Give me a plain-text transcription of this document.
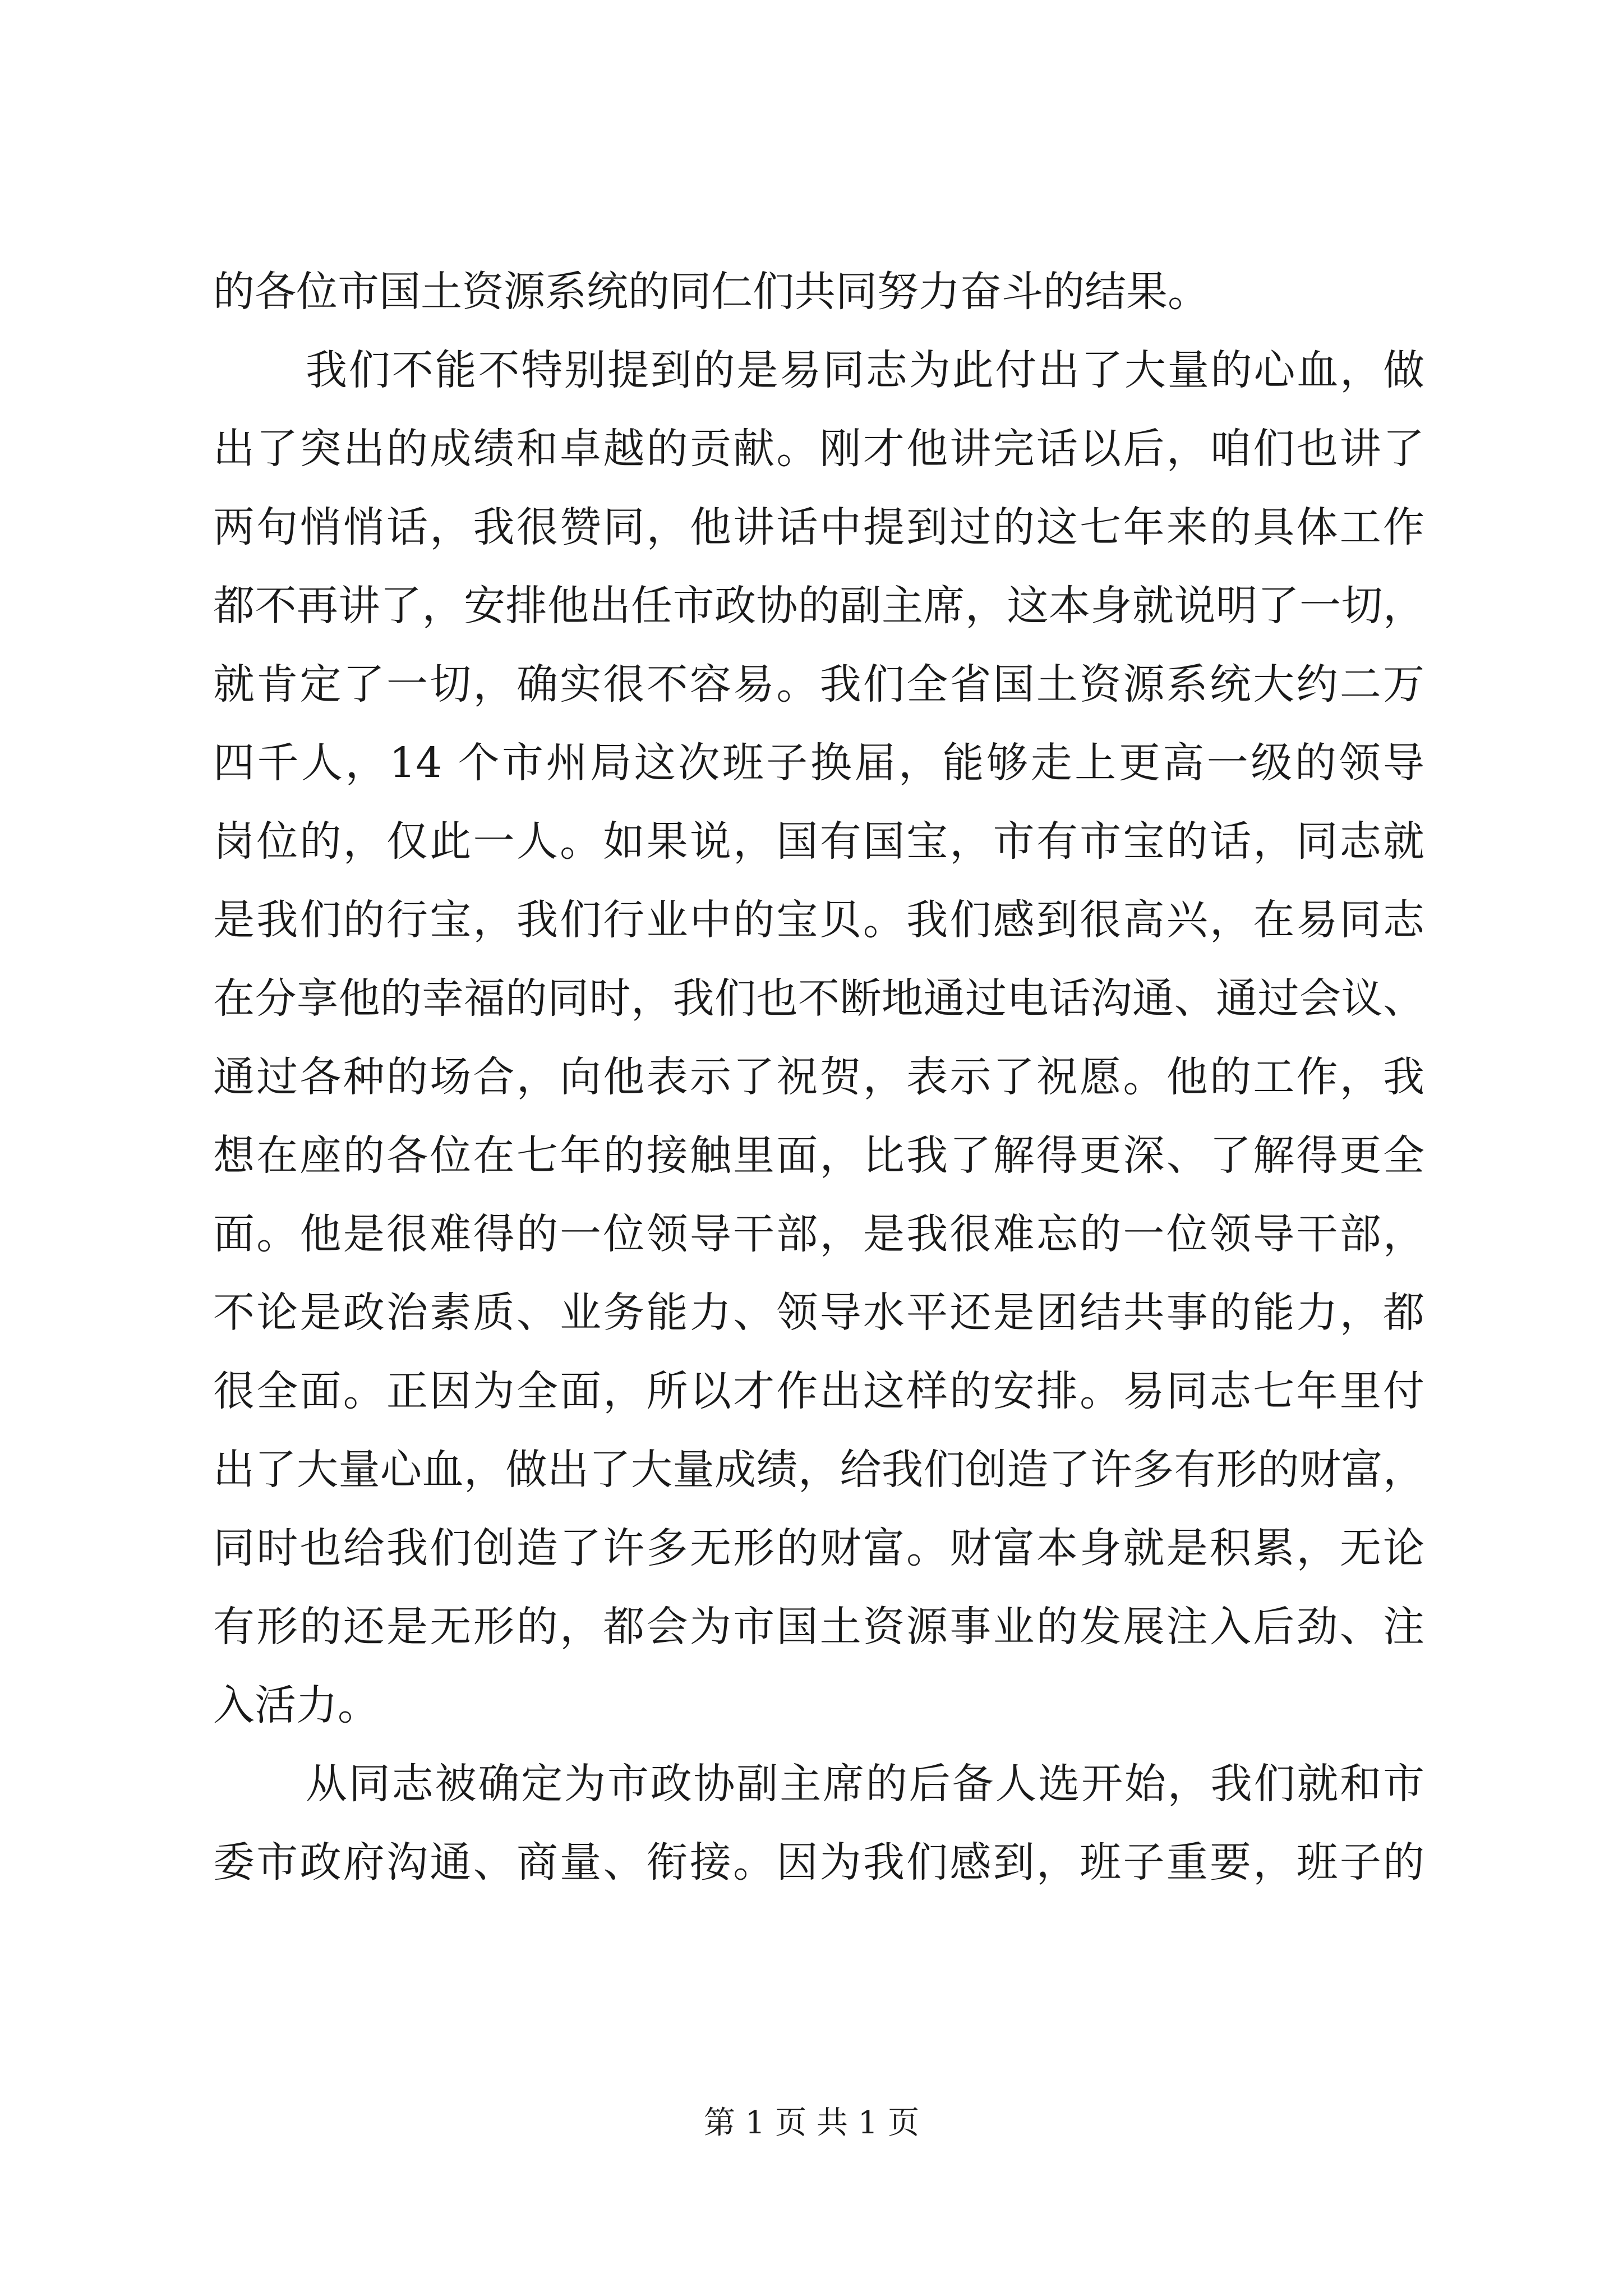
的各位市国土资源系统的同仁们共同努力奋斗的结果。
我们不能不特别提到的是易同志为此付出了大量的心血，做
出了突出的成绩和卓越的贡献。刚才他讲完话以后，咱们也讲了
两句悄悄话，我很赞同，他讲话中提到过的这七年来的具体工作
都不再讲了，安排他出任市政协的副主席，这本身就说明了一切，
就肯定了一切，确实很不容易。我们全省国土资源系统大约二万
四千人，14 个市州局这次班子换届，能够走上更高一级的领导
岗位的，仅此一人。如果说，国有国宝，市有市宝的话，同志就
是我们的行宝，我们行业中的宝贝。我们感到很高兴，在易同志
在分享他的幸福的同时，我们也不断地通过电话沟通、通过会议、
通过各种的场合，向他表示了祝贺，表示了祝愿。他的工作，我
想在座的各位在七年的接触里面，比我了解得更深、了解得更全
面。他是很难得的一位领导干部，是我很难忘的一位领导干部，
不论是政治素质、业务能力、领导水平还是团结共事的能力，都
很全面。正因为全面，所以才作出这样的安排。易同志七年里付
出了大量心血，做出了大量成绩，给我们创造了许多有形的财富，
同时也给我们创造了许多无形的财富。财富本身就是积累，无论
有形的还是无形的，都会为市国土资源事业的发展注入后劲、注
入活力。
从同志被确定为市政协副主席的后备人选开始，我们就和市
委市政府沟通、商量、衔接。因为我们感到，班子重要，班子的
第 1 页 共 1 页
